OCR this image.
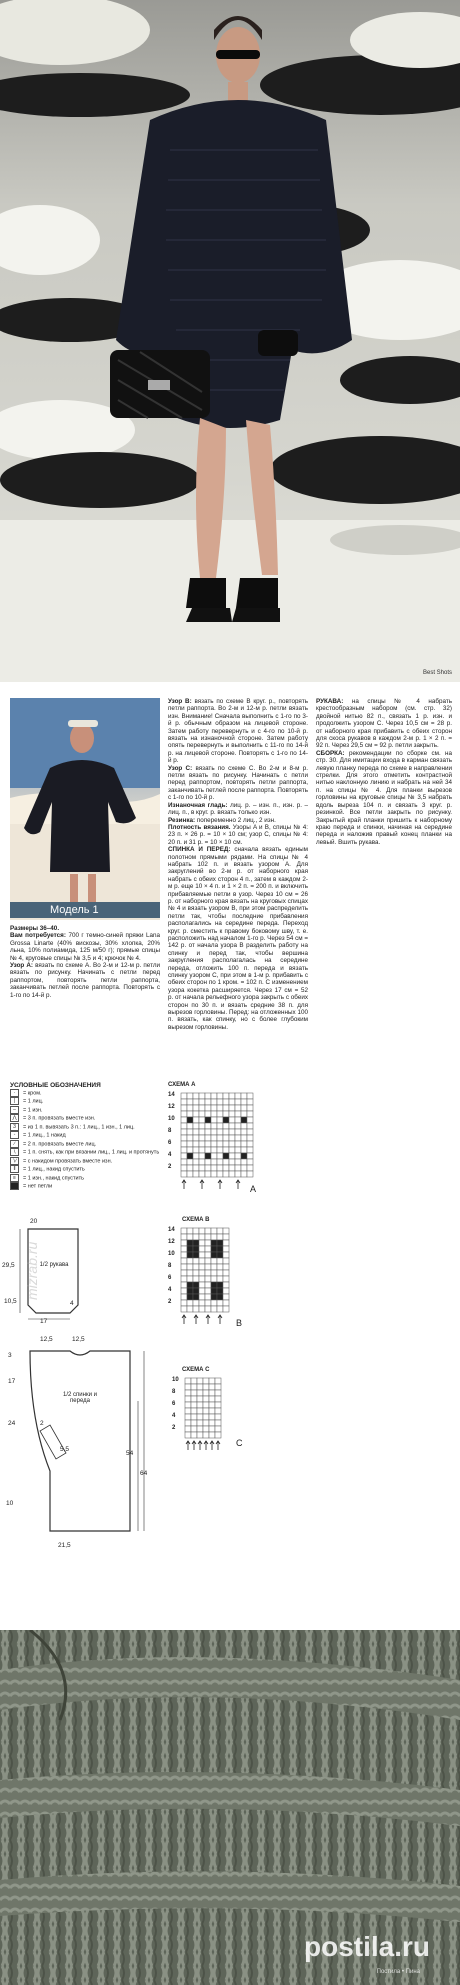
Best Shots
Модель 1
Размеры 36–40.
Вам потребуется: 700 г темно-синей пряжи Lana Grossa Linarte (40% вискозы, 30% хлопка, 20% льна, 10% полиамида, 125 м/50 г); прямые спицы № 4, круговые спицы № 3,5 и 4; крючок № 4.
Узор A: вязать по схеме A. Во 2-м и 12-м р. петли вязать по рисунку. Начинать с петли перед раппортом, повторять петли раппорта, заканчивать петлей после раппорта. Повторять с 1-го по 14-й р.
Узор B: вязать по схеме B круг. р., повторять петли раппорта. Во 2-м и 12-м р. петли вязать изн. Внимание! Сначала выполнить с 1-го по 3-й р. обычным образом на лицевой стороне. Затем работу перевернуть и с 4-го по 10-й р. вязать на изнаночной стороне. Затем работу опять перевернуть и выполнить с 11-го по 14-й р. на лицевой стороне. Повторять с 1-го по 14-й р.
Узор C: вязать по схеме C. Во 2-м и 8-м р. петли вязать по рисунку. Начинать с петли перед раппортом, повторять петли раппорта, заканчивать петлей после раппорта. Повторять с 1-го по 10-й р.
Изнаночная гладь: лиц. р. – изн. п., изн. р. – лиц. п., в круг. р. вязать только изн.
Резинка: попеременно 2 лиц., 2 изн.
Плотность вязания. Узоры A и B, спицы № 4: 23 п. × 26 р. = 10 × 10 см; узор C, спицы № 4: 20 п. и 31 р. = 10 × 10 см.
СПИНКА И ПЕРЕД: сначала вязать единым полотном прямыми рядами. На спицы № 4 набрать 102 п. и вязать узором A. Для закруглений во 2-м р. от наборного края набрать с обеих сторон 4 п., затем в каждом 2-м р. еще 10 × 4 п. и 1 × 2 п. = 200 п. и включить прибавляемые петли в узор. Через 10 см = 26 р. от наборного края вязать на круговых спицах № 4 и вязать узором B, при этом распределить петли так, чтобы последние прибавления располагались на середине переда. Переход круг. р. сместить к правому боковому шву, т. е. расположить над началом 1-го р. Через 54 см = 142 р. от начала узора B разделить работу на спинку и перед так, чтобы вершина закругления располагалась на середине переда, отложить 100 п. переда и вязать спинку узором C, при этом в 1-м р. прибавить с обеих сторон по 1 кром. = 102 п. С изменением узора кокетка расширяется. Через 17 см = 52 р. от начала рельефного узора закрыть с обеих сторон по 30 п. и вязать средние 38 п. для вырезов горловины. Перед: на отложенных 100 п. вязать, как спинку, но с более глубоким вырезом горловины.
РУКАВА: на спицы № 4 набрать крестообразным набором (см. стр. 32) двойной нитью 82 п., связать 1 р. изн. и продолжить узором C. Через 10,5 см = 28 р. от наборного края прибавить с обеих сторон для скоса рукавов в каждом 2-м р. 1 × 2 п. = 92 п. Через 29,5 см = 92 р. петли закрыть.
СБОРКА: рекомендации по сборке см. на стр. 30. Для имитации входа в карман связать левую планку переда по схеме в направлении стрелки. Для этого отметить контрастной нитью наклонную линию и набрать на ней 34 п. на спицы № 4. Для планки вырезов горловины на круговые спицы № 3,5 набрать вдоль выреза 104 п. и связать 3 круг. р. резинкой. Все петли закрыть по рисунку. Закрытый край планки пришить к наборному краю переда и спинки, начиная на середине переда и наложив правый конец планки на левый. Вшить рукава.
УСЛОВНЫЕ ОБОЗНАЧЕНИЯ
· = кром.
| = 1 лиц.
– = 1 изн.
⋀ = 3 п. провязать вместе изн.
3 = из 1 п. вывязать 3 п.: 1 лиц., 1 изн., 1 лиц.
◦ = 1 лиц., 1 накид
∕ = 2 п. провязать вместе лиц.
∖ = 1 п. снять, как при вязании лиц., 1 лиц. и протянуть
∖∕ = с накидом провязать вместе изн.
‖ = 1 лиц., накид спустить
≡ = 1 изн., накид спустить
= нет петли
1/2 рукава
20
29,5
10,5
17
4
1/2 спинки и переда
12,5	12,5
3
17
24
54
64
10
21,5
2
5,5
СХЕМА A
14
12
10
8
6
4
2
A
СХЕМА B
14
12
10
8
6
4
2
B
СХЕМА C
10
8
6
4
2
C
mizrab.ru
postila.ru
Постила • Пина
